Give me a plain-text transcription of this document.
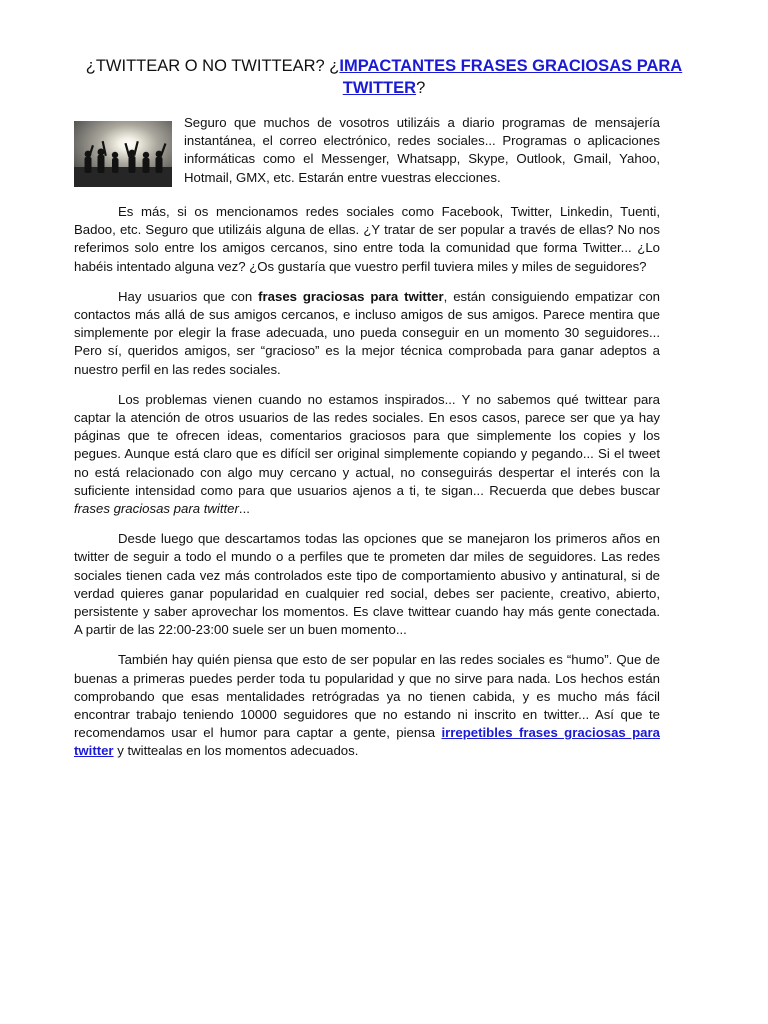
¿TWITTEAR O NO TWITTEAR? ¿IMPACTANTES FRASES GRACIOSAS PARA TWITTER?
Seguro que muchos de vosotros utilizáis a diario programas de mensajería instantánea, el correo electrónico, redes sociales... Programas o aplicaciones informáticas como el Messenger, Whatsapp, Skype, Outlook, Gmail, Yahoo, Hotmail, GMX, etc. Estarán entre vuestras elecciones.

Es más, si os mencionamos redes sociales como Facebook, Twitter, Linkedin, Tuenti, Badoo, etc. Seguro que utilizáis alguna de ellas. ¿Y tratar de ser popular a través de ellas? No nos referimos solo entre los amigos cercanos, sino entre toda la comunidad que forma Twitter... ¿Lo habéis intentado alguna vez? ¿Os gustaría que vuestro perfil tuviera miles y miles de seguidores?

Hay usuarios que con frases graciosas para twitter, están consiguiendo empatizar con contactos más allá de sus amigos cercanos, e incluso amigos de sus amigos. Parece mentira que simplemente por elegir la frase adecuada, uno pueda conseguir en un momento 30 seguidores... Pero sí, queridos amigos, ser “gracioso” es la mejor técnica comprobada para ganar adeptos a nuestro perfil en las redes sociales.

Los problemas vienen cuando no estamos inspirados... Y no sabemos qué twittear para captar la atención de otros usuarios de las redes sociales. En esos casos, parece ser que ya hay páginas que te ofrecen ideas, comentarios graciosos para que simplemente los copies y los pegues. Aunque está claro que es difícil ser original simplemente copiando y pegando... Si el tweet no está relacionado con algo muy cercano y actual, no conseguirás despertar el interés con la suficiente intensidad como para que usuarios ajenos a ti, te sigan... Recuerda que debes buscar frases graciosas para twitter...

Desde luego que descartamos todas las opciones que se manejaron los primeros años en twitter de seguir a todo el mundo o a perfiles que te prometen dar miles de seguidores. Las redes sociales tienen cada vez más controlados este tipo de comportamiento abusivo y antinatural, si de verdad quieres ganar popularidad en cualquier red social, debes ser paciente, creativo, abierto, persistente y saber aprovechar los momentos. Es clave twittear cuando hay más gente conectada. A partir de las 22:00-23:00 suele ser un buen momento...

También hay quién piensa que esto de ser popular en las redes sociales es “humo”. Que de buenas a primeras puedes perder toda tu popularidad y que no sirve para nada. Los hechos están comprobando que esas mentalidades retrógradas ya no tienen cabida, y es mucho más fácil encontrar trabajo teniendo 10000 seguidores que no estando ni inscrito en twitter... Así que te recomendamos usar el humor para captar a gente, piensa irrepetibles frases graciosas para twitter y twittealas en los momentos adecuados.
